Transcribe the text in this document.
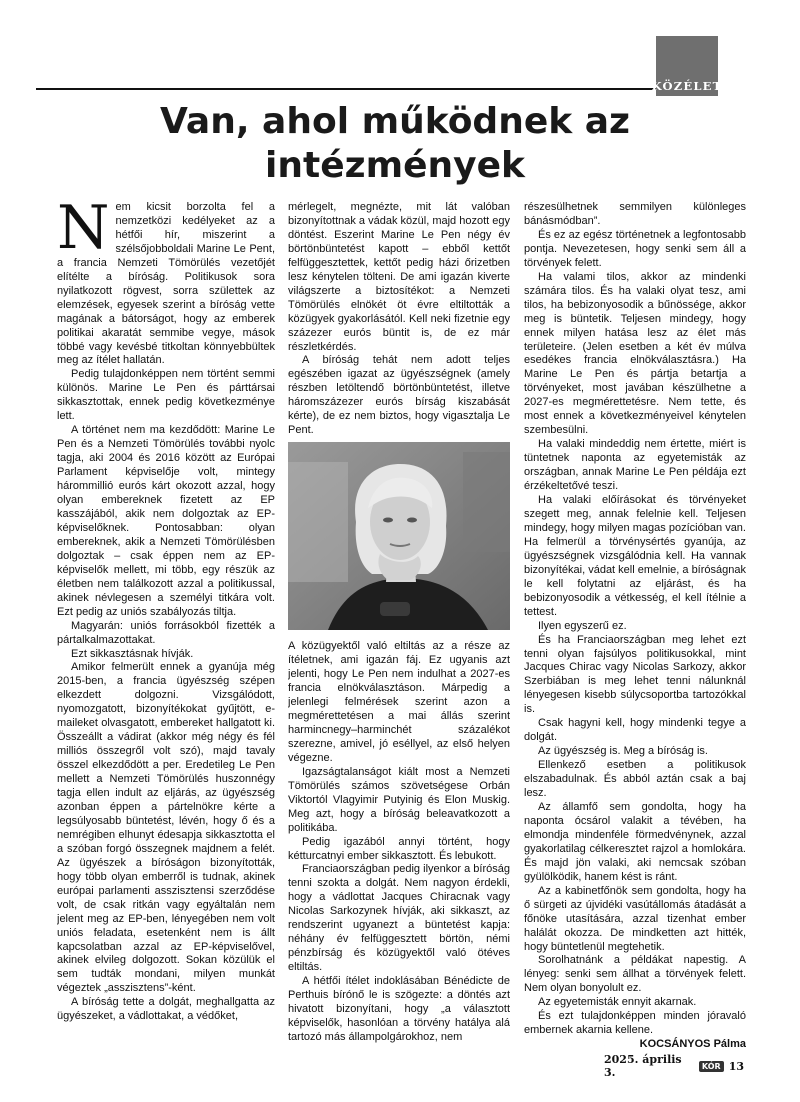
KÖZÉLET
Van, ahol működnek az intézmények

Nem kicsit borzolta fel a nemzetközi kedélyeket az a hétfői hír, miszerint a szélsőjobboldali Marine Le Pent, a francia Nemzeti Tömörülés vezetőjét elítélte a bíróság. Politikusok sora nyilatkozott rögvest, sorra születtek az elemzések, egyesek szerint a bíróság vette magának a bátorságot, hogy az emberek politikai akaratát semmibe vegye, mások többé vagy kevésbé titkoltan könnyebbültek meg az ítélet hallatán.

Pedig tulajdonképpen nem történt semmi különös. Marine Le Pen és párttársai sikkasztottak, ennek pedig következménye lett.

A történet nem ma kezdődött: Marine Le Pen és a Nemzeti Tömörülés további nyolc tagja, aki 2004 és 2016 között az Európai Parlament képviselője volt, mintegy hárommillió eurós kárt okozott azzal, hogy olyan embereknek fizetett az EP kasszájából, akik nem dolgoztak az EP-képviselőknek. Pontosabban: olyan embereknek, akik a Nemzeti Tömörülésben dolgoztak – csak éppen nem az EP-képviselők mellett, mi több, egy részük az életben nem találkozott azzal a politikussal, akinek névlegesen a személyi titkára volt. Ezt pedig az uniós szabályozás tiltja.

Magyarán: uniós forrásokból fizették a pártalkalmazottakat.

Ezt sikkasztásnak hívják.

Amikor felmerült ennek a gyanúja még 2015-ben, a francia ügyészség szépen elkezdett dolgozni. Vizsgálódott, nyomozgatott, bizonyítékokat gyűjtött, e-maileket olvasgatott, embereket hallgatott ki. Összeállt a vádirat (akkor még négy és fél milliós összegről volt szó), majd tavaly összel elkezdődött a per. Eredetileg Le Pen mellett a Nemzeti Tömörülés huszonnégy tagja ellen indult az eljárás, az ügyészség azonban éppen a pártelnökre kérte a legsúlyosabb büntetést, lévén, hogy ő és a nemrégiben elhunyt édesapja sikkasztotta el a szóban forgó összegnek majdnem a felét. Az ügyészek a bíróságon bizonyították, hogy több olyan emberről is tudnak, akinek európai parlamenti asszisztensi szerződése volt, de csak ritkán vagy egyáltalán nem jelent meg az EP-ben, lényegében nem volt uniós feladata, esetenként nem is állt kapcsolatban azzal az EP-képviselővel, akinek elvileg dolgozott. Sokan közülük el sem tudták mondani, milyen munkát végeztek „asszisztens”-ként.

A bíróság tette a dolgát, meghallgatta az ügyészeket, a vádlottakat, a védőket,

mérlegelt, megnézte, mit lát valóban bizonyítottnak a vádak közül, majd hozott egy döntést. Eszerint Marine Le Pen négy év börtönbüntetést kapott – ebből kettőt felfüggesztettek, kettőt pedig házi őrizetben lesz kénytelen tölteni. De ami igazán kiverte világszerte a biztosítékot: a Nemzeti Tömörülés elnökét öt évre eltiltották a közügyek gyakorlásától. Kell neki fizetnie egy százezer eurós büntit is, de ez már részletkérdés.

A bíróság tehát nem adott teljes egészében igazat az ügyészségnek (amely részben letöltendő börtönbüntetést, illetve háromszázezer eurós bírság kiszabását kérte), de ez nem biztos, hogy vigasztalja Le Pent.

A közügyektől való eltiltás az a része az ítéletnek, ami igazán fáj. Ez ugyanis azt jelenti, hogy Le Pen nem indulhat a 2027-es francia elnökválasztáson. Márpedig a jelenlegi felmérések szerint azon a megmérettetésen a mai állás szerint harmincnegy–harminchét százalékot szerezne, amivel, jó eséllyel, az első helyen végezne.

Igazságtalanságot kiált most a Nemzeti Tömörülés számos szövetségese Orbán Viktortól Vlagyimir Putyinig és Elon Muskig. Meg azt, hogy a bíróság beleavatkozott a politikába.

Pedig igazából annyi történt, hogy kétturcatnyi ember sikkasztott. És lebukott.

Franciaországban pedig ilyenkor a bíróság tenni szokta a dolgát. Nem nagyon érdekli, hogy a vádlottat Jacques Chiracnak vagy Nicolas Sarkozynek hívják, aki sikkaszt, az rendszerint ugyanezt a büntetést kapja: néhány év felfüggesztett börtön, némi pénzbírság és közügyektől való ötéves eltiltás.

A hétfői ítélet indoklásában Bénédicte de Perthuis bírónő le is szögezte: a döntés azt hivatott bizonyítani, hogy „a választott képviselők, hasonlóan a törvény hatálya alá tartozó más állampolgárokhoz, nem

részesülhetnek semmilyen különleges bánásmódban”.

És ez az egész történetnek a legfontosabb pontja. Nevezetesen, hogy senki sem áll a törvények felett.

Ha valami tilos, akkor az mindenki számára tilos. És ha valaki olyat tesz, ami tilos, ha bebizonyosodik a bűnössége, akkor meg is büntetik. Teljesen mindegy, hogy ennek milyen hatása lesz az élet más területeire. (Jelen esetben a két év múlva esedékes francia elnökválasztásra.) Ha Marine Le Pen és pártja betartja a törvényeket, most javában készülhetne a 2027-es megmérettetésre. Nem tette, és most ennek a következményeivel kénytelen szembesülni.

Ha valaki mindeddig nem értette, miért is tüntetnek naponta az egyetemisták az országban, annak Marine Le Pen példája ezt érzékeltetővé teszi.

Ha valaki előírásokat és törvényeket szegett meg, annak felelnie kell. Teljesen mindegy, hogy milyen magas pozícióban van. Ha felmerül a törvénysértés gyanúja, az ügyészségnek vizsgálódnia kell. Ha vannak bizonyítékai, vádat kell emelnie, a bíróságnak le kell folytatni az eljárást, és ha bebizonyosodik a vétkesség, el kell ítélnie a tettest.

Ilyen egyszerű ez.

És ha Franciaországban meg lehet ezt tenni olyan fajsúlyos politikusokkal, mint Jacques Chirac vagy Nicolas Sarkozy, akkor Szerbiában is meg lehet tenni nálunknál lényegesen kisebb súlycsoportba tartozókkal is.

Csak hagyni kell, hogy mindenki tegye a dolgát.

Az ügyészség is. Meg a bíróság is.

Ellenkező esetben a politikusok elszabadulnak. És abból aztán csak a baj lesz.

Az államfő sem gondolta, hogy ha naponta ócsárol valakit a tévében, ha elmondja mindenféle förmedvénynek, azzal gyakorlatilag célkeresztet rajzol a homlokára. És majd jön valaki, aki nemcsak szóban gyülölködik, hanem kést is ránt.

Az a kabinetfőnök sem gondolta, hogy ha ő sürgeti az újvidéki vasútállomás átadását a főnöke utasítására, azzal tizenhat ember halálát okozza. De mindketten azt hitték, hogy büntetlenül megtehetik.

Sorolhatnánk a példákat napestig. A lényeg: senki sem állhat a törvények felett. Nem olyan bonyolult ez.

Az egyetemisták ennyit akarnak.

És ezt tulajdonképpen minden jóravaló embernek akarnia kellene.

KOCSÁNYOS Pálma

2025. április 3.	KÓR 13
